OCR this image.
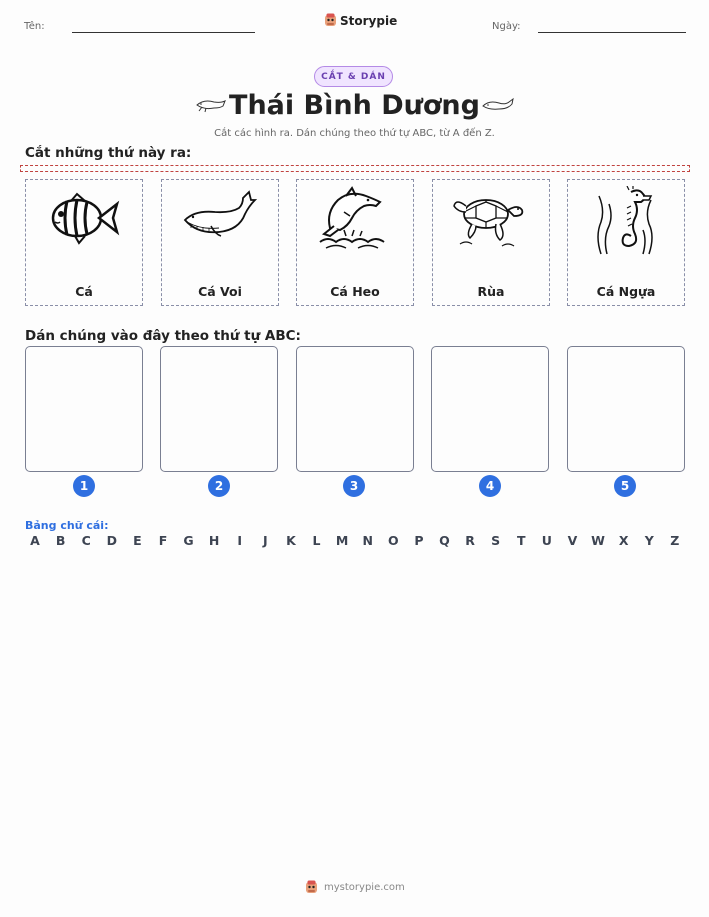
Tên:	Storypie	Ngày:
CẮT & DÁN
Thái Bình Dương
Cắt các hình ra. Dán chúng theo thứ tự ABC, từ A đến Z.
Cắt những thứ này ra:
Cá	Cá Voi	Cá Heo	Rùa	Cá Ngựa
Dán chúng vào đây theo thứ tự ABC:
1	2	3	4	5
Bảng chữ cái:
A	B	C	D	E	F	G	H	I	J	K	L	M	N	O	P	Q	R	S	T	U	V	W	X	Y	Z
mystorypie.com
